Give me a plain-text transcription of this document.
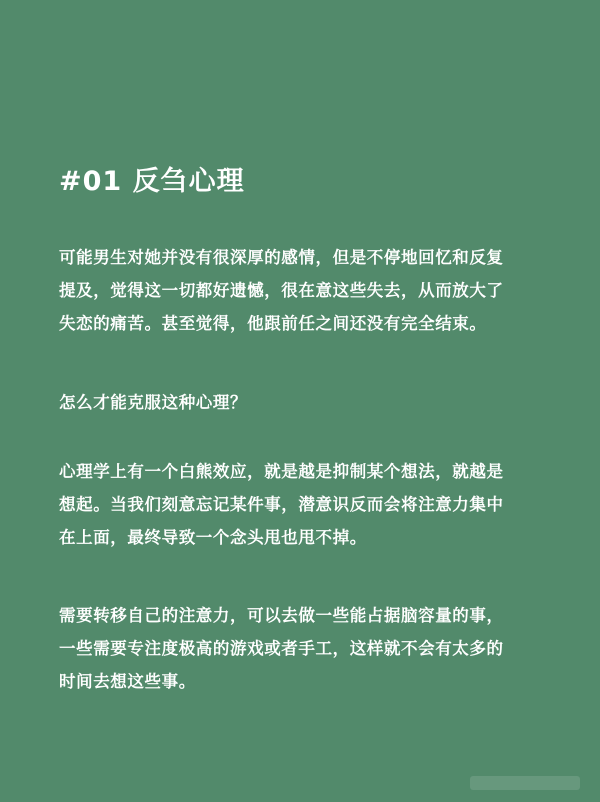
#01 反刍心理
可能男生对她并没有很深厚的感情，但是不停地回忆和反复
提及，觉得这一切都好遗憾，很在意这些失去，从而放大了
失恋的痛苦。甚至觉得，他跟前任之间还没有完全结束。
怎么才能克服这种心理？
心理学上有一个白熊效应，就是越是抑制某个想法，就越是
想起。当我们刻意忘记某件事，潜意识反而会将注意力集中
在上面，最终导致一个念头甩也甩不掉。
需要转移自己的注意力，可以去做一些能占据脑容量的事，
一些需要专注度极高的游戏或者手工，这样就不会有太多的
时间去想这些事。
